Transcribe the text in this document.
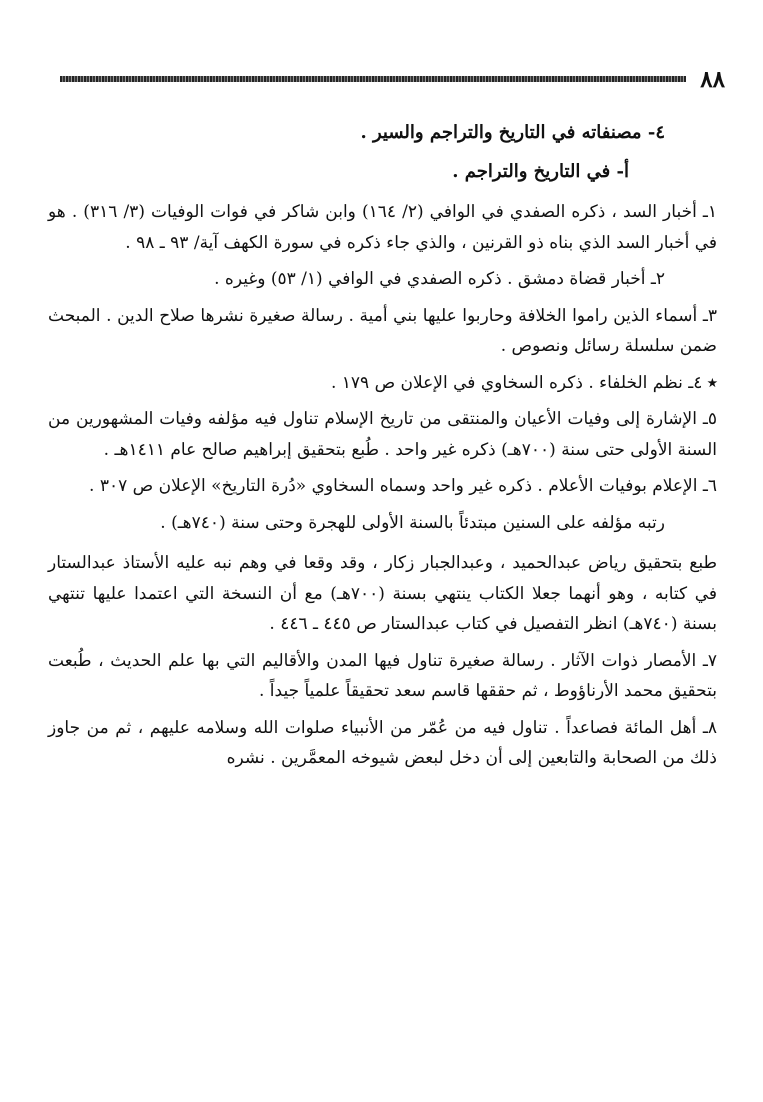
٨٨

٤- مصنفاته في التاريخ والتراجم والسير .

أ- في التاريخ والتراجم .

١ـ أخبار السد ، ذكره الصفدي في الوافي (٢/ ١٦٤) وابن شاكر في فوات الوفيات (٣/ ٣١٦) . هو في أخبار السد الذي بناه ذو القرنين ، والذي جاء ذكره في سورة الكهف آية/ ٩٣ ـ ٩٨ .

٢ـ أخبار قضاة دمشق . ذكره الصفدي في الوافي (١/ ٥٣) وغيره .

٣ـ أسماء الذين راموا الخلافة وحاربوا عليها بني أمية . رسالة صغيرة نشرها صلاح الدين . المبحث ضمن سلسلة رسائل ونصوص .

٭ ٤ـ نظم الخلفاء . ذكره السخاوي في الإعلان ص ١٧٩ .

٥ـ الإشارة إلى وفيات الأعيان والمنتقى من تاريخ الإسلام تناول فيه مؤلفه وفيات المشهورين من السنة الأولى حتى سنة (٧٠٠هـ) ذكره غير واحد . طُبع بتحقيق إبراهيم صالح عام ١٤١١هـ .

٦ـ الإعلام بوفيات الأعلام . ذكره غير واحد وسماه السخاوي «دُرة التاريخ» الإعلان ص ٣٠٧ .

رتبه مؤلفه على السنين مبتدئاً بالسنة الأولى للهجرة وحتى سنة (٧٤٠هـ) .

طبع بتحقيق رياض عبدالحميد ، وعبدالجبار زكار ، وقد وقعا في وهم نبه عليه الأستاذ عبدالستار في كتابه ، وهو أنهما جعلا الكتاب ينتهي بسنة (٧٠٠هـ) مع أن النسخة التي اعتمدا عليها تنتهي بسنة (٧٤٠هـ) انظر التفصيل في كتاب عبدالستار ص ٤٤٥ ـ ٤٤٦ .

٧ـ الأمصار ذوات الآثار . رسالة صغيرة تناول فيها المدن والأقاليم التي بها علم الحديث ، طُبعت بتحقيق محمد الأرناؤوط ، ثم حققها قاسم سعد تحقيقاً علمياً جيداً .

٨ـ أهل المائة فصاعداً . تناول فيه من عُمّر من الأنبياء صلوات الله وسلامه عليهم ، ثم من جاوز ذلك من الصحابة والتابعين إلى أن دخل لبعض شيوخه المعمَّرين . نشره
